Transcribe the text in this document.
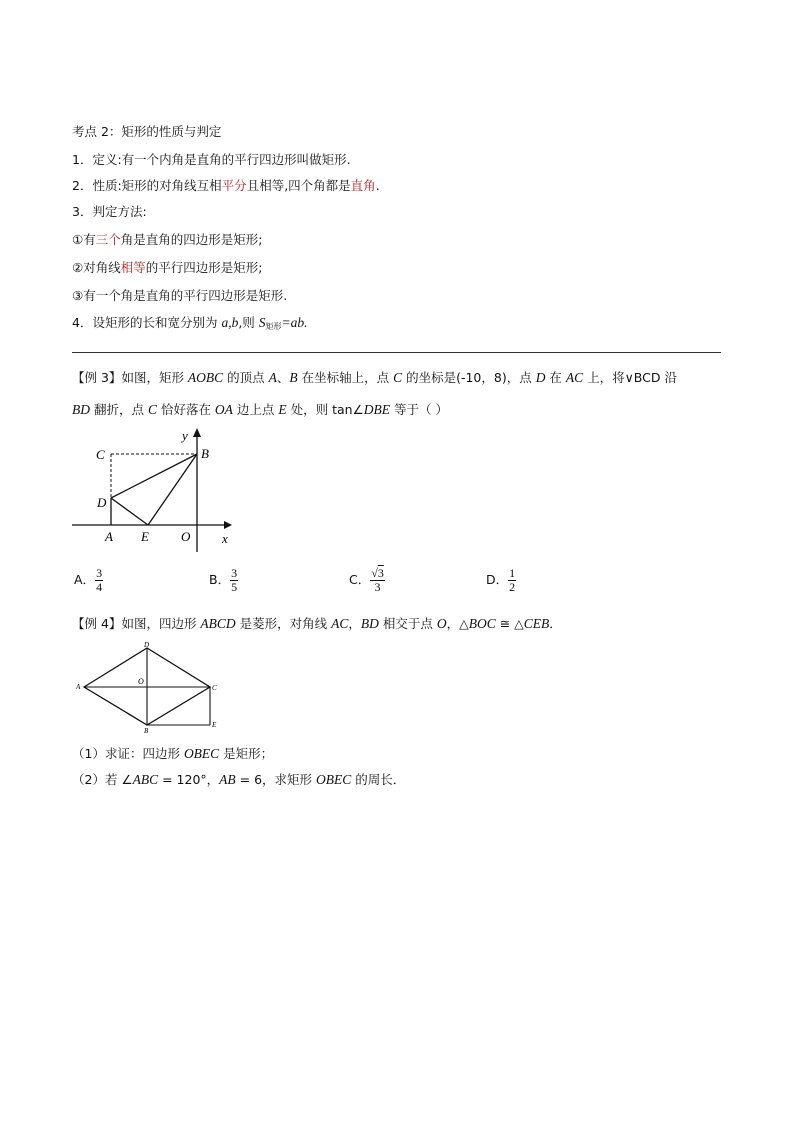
考点 2：矩形的性质与判定
1．定义:有一个内角是直角的平行四边形叫做矩形.
2．性质:矩形的对角线互相平分且相等,四个角都是直角.
3．判定方法:
①有三个角是直角的四边形是矩形;
②对角线相等的平行四边形是矩形;
③有一个角是直角的平行四边形是矩形.
4．设矩形的长和宽分别为 a,b,则 $S_{矩形}=ab$.
【例 3】如图，矩形 AOBC 的顶点 A、B 在坐标轴上，点 C 的坐标是(-10，8)，点 D 在 AC 上，将∨BCD 沿
BD 翻折，点 C 恰好落在 OA 边上点 E 处，则 tan∠DBE 等于（ ）
C	B
D
A E O x
y
A． $\frac{3}{4}$	B． $\frac{3}{5}$	C． $\frac{√3}{3}$	D． $\frac{1}{2}$
【例 4】如图，四边形 ABCD 是菱形，对角线 AC，BD 相交于点 O，△BOC ≅ △CEB．
D
A
O
C
B
E
（1）求证：四边形 OBEC 是矩形；
（2）若 ∠ABC = 120°，AB = 6，求矩形 OBEC 的周长．
